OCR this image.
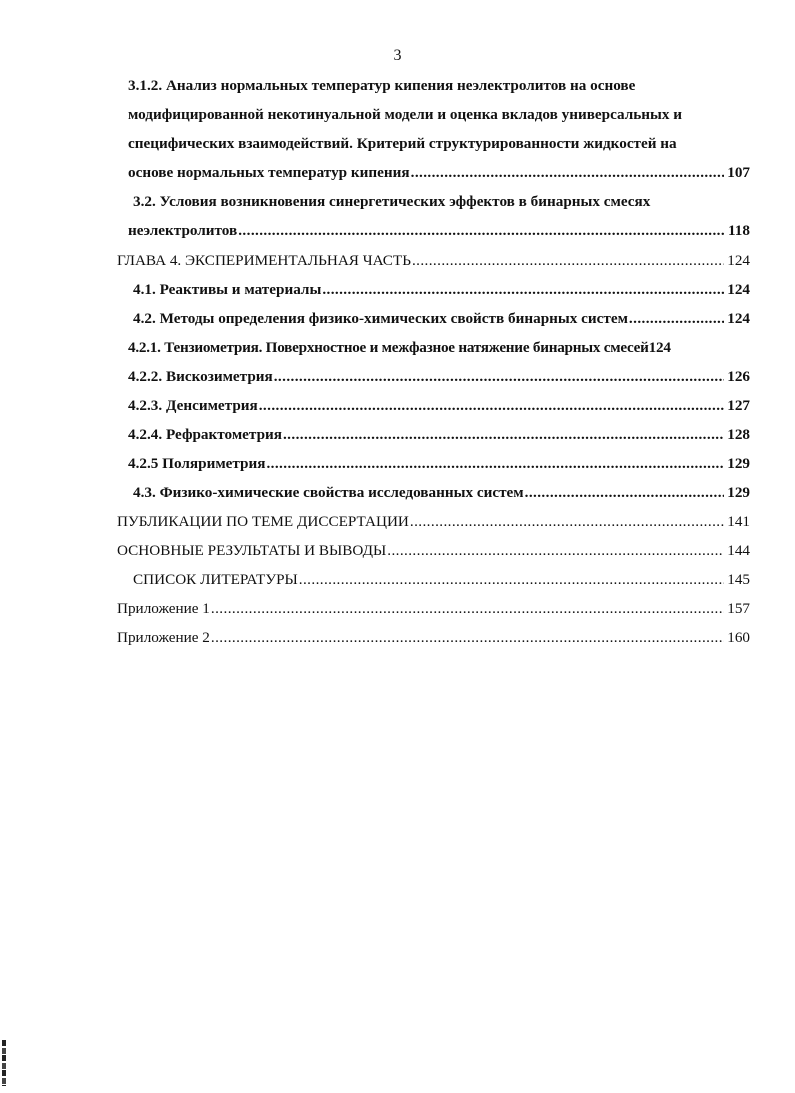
3
3.1.2. Анализ нормальных температур кипения неэлектролитов на основе
модифицированной некотинуальной модели и оценка вкладов универсальных и
специфических взаимодействий. Критерий структурированности жидкостей на
основе нормальных температур кипения .....	107
3.2. Условия возникновения синергетических эффектов в бинарных смесях
неэлектролитов .....	118
ГЛАВА 4. ЭКСПЕРИМЕНТАЛЬНАЯ ЧАСТЬ .....	124
4.1. Реактивы и материалы .....	124
4.2. Методы определения физико-химических свойств бинарных систем .....	124
4.2.1. Тензиометрия. Поверхностное и межфазное натяжение бинарных смесей 124
4.2.2. Вискозиметрия .....	126
4.2.3. Денсиметрия .....	127
4.2.4. Рефрактометрия .....	128
4.2.5 Поляриметрия .....	129
4.3. Физико-химические свойства исследованных систем .....	129
ПУБЛИКАЦИИ ПО ТЕМЕ ДИССЕРТАЦИИ .....	141
ОСНОВНЫЕ РЕЗУЛЬТАТЫ И ВЫВОДЫ .....	144
СПИСОК ЛИТЕРАТУРЫ .....	145
Приложение 1 .....	157
Приложение 2 .....	160
